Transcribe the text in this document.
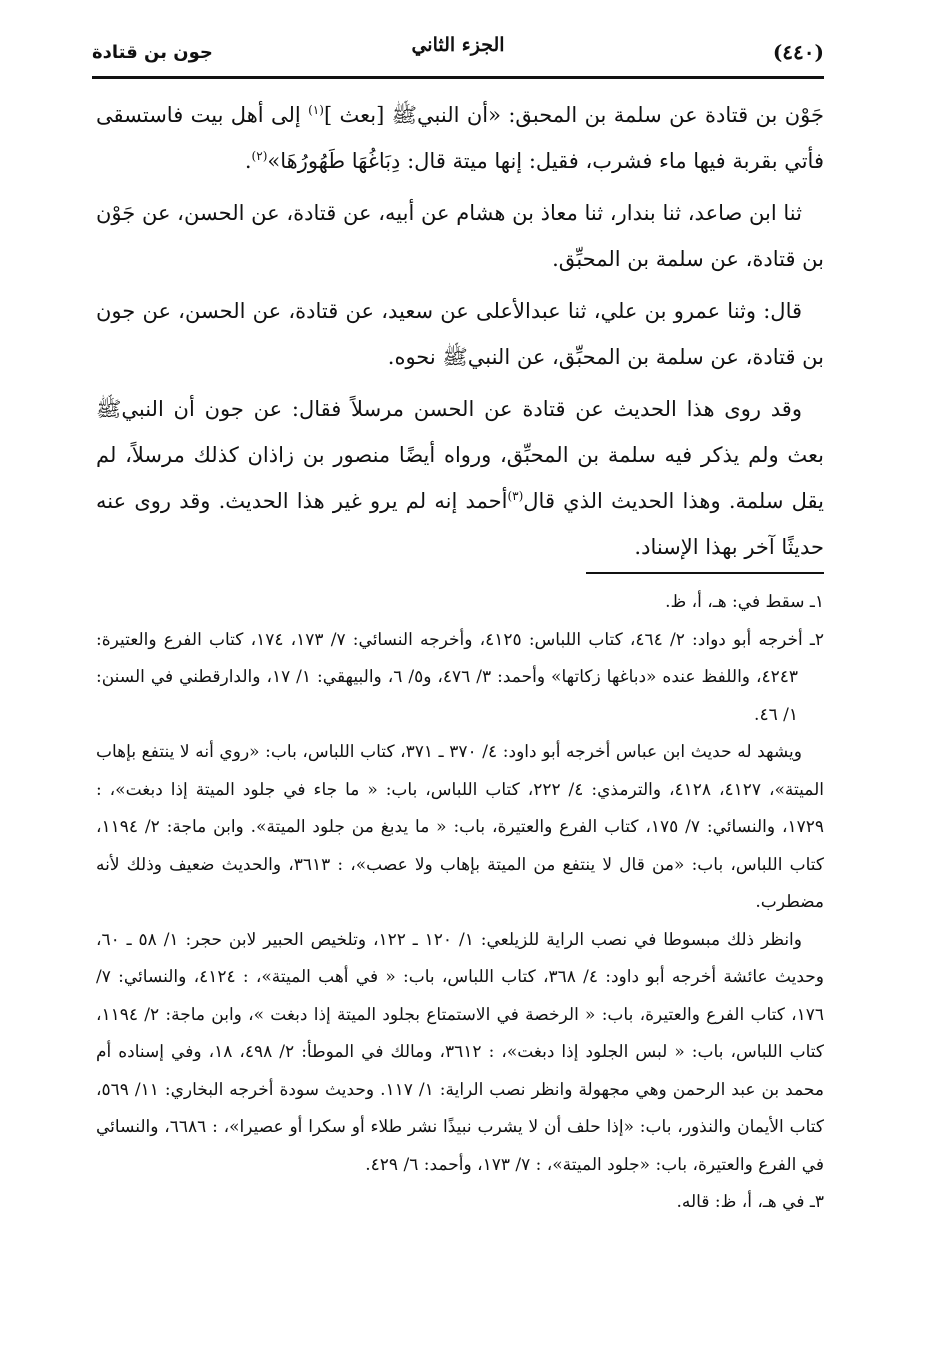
جون بن قتادة	الجزء الثاني	(٤٤٠)

جَوْن بن قتادة عن سلمة بن المحبق: «أن النبيﷺ [بعث ]$^{(١)}$ إلى أهل بيت فاستسقى فأتي بقربة فيها ماء فشرب، فقيل: إنها ميتة قال: دِبَاغُهَا طَهُورُهَا»$^{(٢)}$.

ثنا ابن صاعد، ثنا بندار، ثنا معاذ بن هشام عن أبيه، عن قتادة، عن الحسن، عن جَوْن بن قتادة، عن سلمة بن المحبِّق.

قال: وثنا عمرو بن علي، ثنا عبدالأعلى عن سعيد، عن قتادة، عن الحسن، عن جون بن قتادة، عن سلمة بن المحبِّق، عن النبيﷺ نحوه.

وقد روى هذا الحديث عن قتادة عن الحسن مرسلاً فقال: عن جون أن النبيﷺ بعث ولم يذكر فيه سلمة بن المحبِّق، ورواه أيضًا منصور بن زاذان كذلك مرسلاً، لم يقل سلمة. وهذا الحديث الذي قال$^{(٣)}$أحمد إنه لم يرو غير هذا الحديث. وقد روى عنه حديثًا آخر بهذا الإسناد.

١ـ سقط في: هـ، أ، ظ.

٢ـ أخرجه أبو دواد: ٢/ ٤٦٤، كتاب اللباس: ٤١٢٥، وأخرجه النسائي: ٧/ ١٧٣، ١٧٤، كتاب الفرع والعتيرة: ٤٢٤٣، واللفظ عنده «دباغها زكاتها» وأحمد: ٣/ ٤٧٦، و٥/ ٦، والبيهقي: ١/ ١٧، والدارقطني في السنن: ١/ ٤٦.

ويشهد له حديث ابن عباس أخرجه أبو داود: ٤/ ٣٧٠ ـ ٣٧١، كتاب اللباس، باب: «روي أنه لا ينتفع بإهاب الميتة»، ٤١٢٧، ٤١٢٨، والترمذي: ٤/ ٢٢٢، كتاب اللباس، باب: « ما جاء في جلود الميتة إذا دبغت»، : ١٧٢٩، والنسائي: ٧/ ١٧٥، كتاب الفرع والعتيرة، باب: « ما يدبغ من جلود الميتة». وابن ماجة: ٢/ ١١٩٤، كتاب اللباس، باب: «من قال لا ينتفع من الميتة بإهاب ولا عصب»، : ٣٦١٣، والحديث ضعيف وذلك لأنه مضطرب.

وانظر ذلك مبسوطا في نصب الراية للزيلعي: ١/ ١٢٠ ـ ١٢٢، وتلخيص الحبير لابن حجر: ١/ ٥٨ ـ ٦٠، وحديث عائشة أخرجه أبو داود: ٤/ ٣٦٨، كتاب اللباس، باب: « في أهب الميتة»، : ٤١٢٤، والنسائي: ٧/ ١٧٦، كتاب الفرع والعتيرة، باب: « الرخصة في الاستمتاع بجلود الميتة إذا دبغت »، وابن ماجة: ٢/ ١١٩٤، كتاب اللباس، باب: « لبس الجلود إذا دبغت»، : ٣٦١٢، ومالك في الموطأ: ٢/ ٤٩٨، ١٨، وفي إسناده أم محمد بن عبد الرحمن وهي مجهولة وانظر نصب الراية: ١/ ١١٧. وحديث سودة أخرجه البخاري: ١١/ ٥٦٩، كتاب الأيمان والنذور، باب: «إذا حلف أن لا يشرب نبيذًا نشر طلاء أو سكرا أو عصيرا»، : ٦٦٨٦، والنسائي في الفرع والعتيرة، باب: «جلود الميتة»، : ٧/ ١٧٣، وأحمد: ٦/ ٤٢٩.

٣ـ في هـ، أ، ظ: قاله.
